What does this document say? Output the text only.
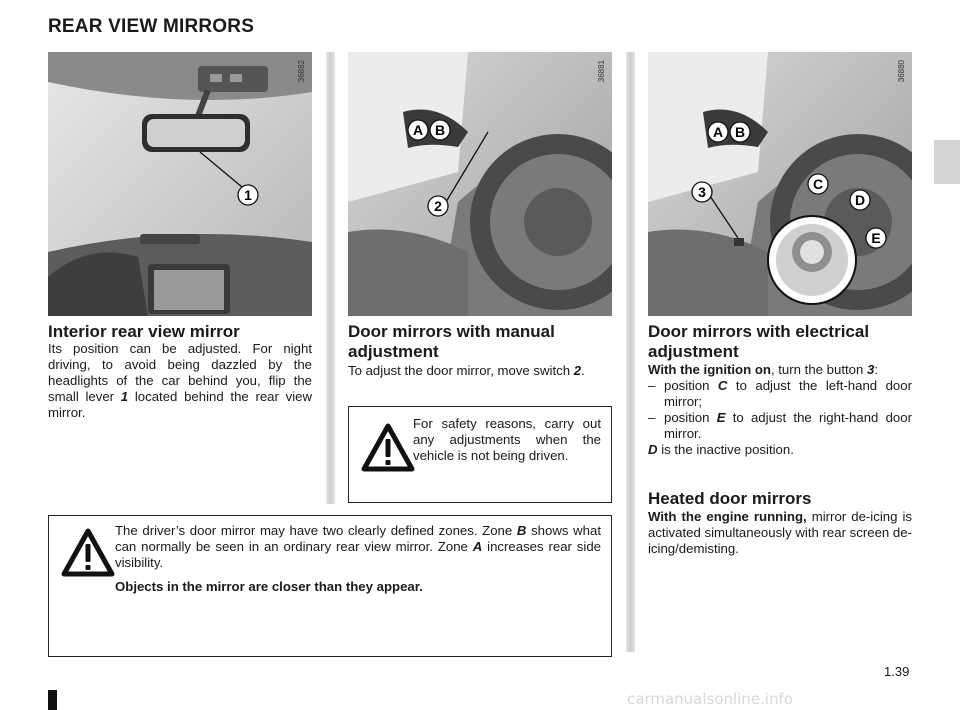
REAR VIEW MIRRORS
1
36882
A B
2
36881
A B
3	C
D
E
36880
Interior rear view mirror
Its position can be adjusted. For night driving, to avoid being dazzled by the headlights of the car behind you, flip the small lever 1 located behind the rear view mirror.
Door mirrors with manual adjustment
To adjust the door mirror, move switch 2.
For safety reasons, carry out any adjustments when the vehicle is not being driven.
Door mirrors with electrical adjustment
With the ignition on, turn the button 3:
– position C to adjust the left-hand door mirror;
– position E to adjust the right-hand door mirror.
D is the inactive position.
Heated door mirrors
With the engine running, mirror de-icing is activated simultaneously with rear screen de-icing/demisting.
The driver’s door mirror may have two clearly defined zones. Zone B shows what can normally be seen in an ordinary rear view mirror. Zone A increases rear side visibility.
Objects in the mirror are closer than they appear.
1.39
carmanualsonline.info
